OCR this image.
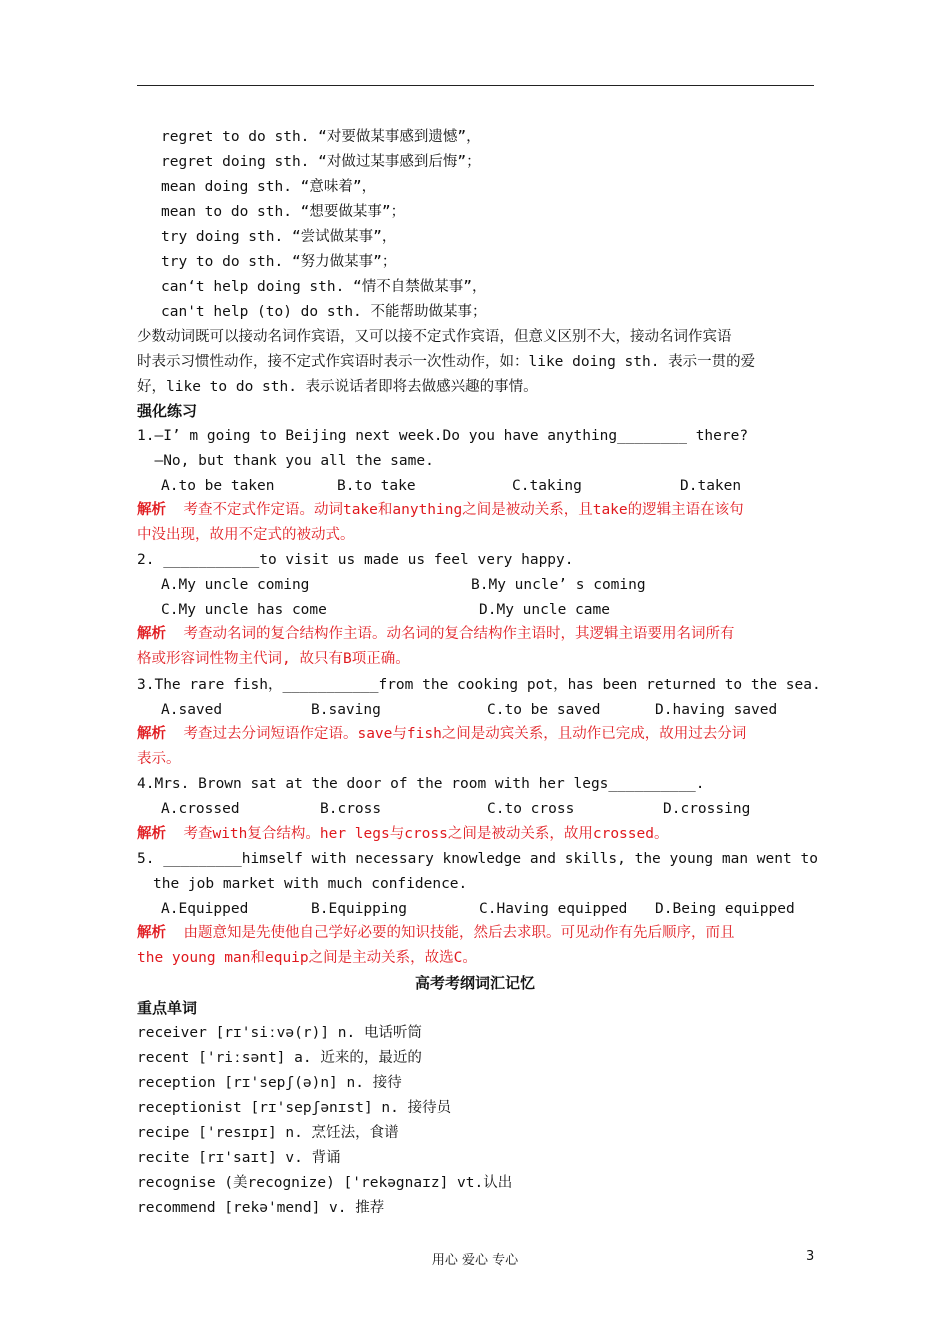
regret to do sth. “对要做某事感到遗憾”，
regret doing sth. “对做过某事感到后悔”；
mean doing sth. “意味着”，
mean to do sth. “想要做某事”；
try doing sth. “尝试做某事”，
try to do sth. “努力做某事”；
can‘t help doing sth. “情不自禁做某事”，
can't help (to) do sth. 不能帮助做某事；
少数动词既可以接动名词作宾语，又可以接不定式作宾语，但意义区别不大，接动名词作宾语
时表示习惯性动作，接不定式作宾语时表示一次性动作，如：like doing sth. 表示一贯的爱
好，like to do sth. 表示说话者即将去做感兴趣的事情。
强化练习
1.—I’ m going to Beijing next week.Do you have anything________ there?
—No, but thank you all the same.
A.to be taken	B.to take	C.taking	D.taken
解析 考查不定式作定语。动词take和anything之间是被动关系，且take的逻辑主语在该句
中没出现，故用不定式的被动式。
2. ___________to visit us made us feel very happy.
A.My uncle coming	B.My uncle’ s coming
C.My uncle has come	D.My uncle came
解析 考查动名词的复合结构作主语。动名词的复合结构作主语时，其逻辑主语要用名词所有
格或形容词性物主代词, 故只有B项正确。
3.The rare fish，___________from the cooking pot，has been returned to the sea.
A.saved	B.saving	C.to be saved	D.having saved
解析 考查过去分词短语作定语。save与fish之间是动宾关系，且动作已完成，故用过去分词
表示。
4.Mrs. Brown sat at the door of the room with her legs__________.
A.crossed	B.cross	C.to cross	D.crossing
解析 考查with复合结构。her legs与cross之间是被动关系，故用crossed。
5. _________himself with necessary knowledge and skills, the young man went to
the job market with much confidence.
A.Equipped	B.Equipping	C.Having equipped D.Being equipped
解析 由题意知是先使他自己学好必要的知识技能，然后去求职。可见动作有先后顺序，而且
the young man和equip之间是主动关系，故选C。
高考考纲词汇记忆
重点单词
receiver [rɪ'siːvə(r)] n. 电话听筒
recent ['riːsənt] a. 近来的，最近的
reception [rɪ'sepʃ(ə)n] n. 接待
receptionist [rɪ'sepʃənɪst] n. 接待员
recipe ['resɪpɪ] n. 烹饪法，食谱
recite [rɪ'saɪt] v. 背诵
recognise (美recognize) ['rekəgnaɪz] vt.认出
recommend [rekə'mend] v. 推荐
用心 爱心 专心	3
